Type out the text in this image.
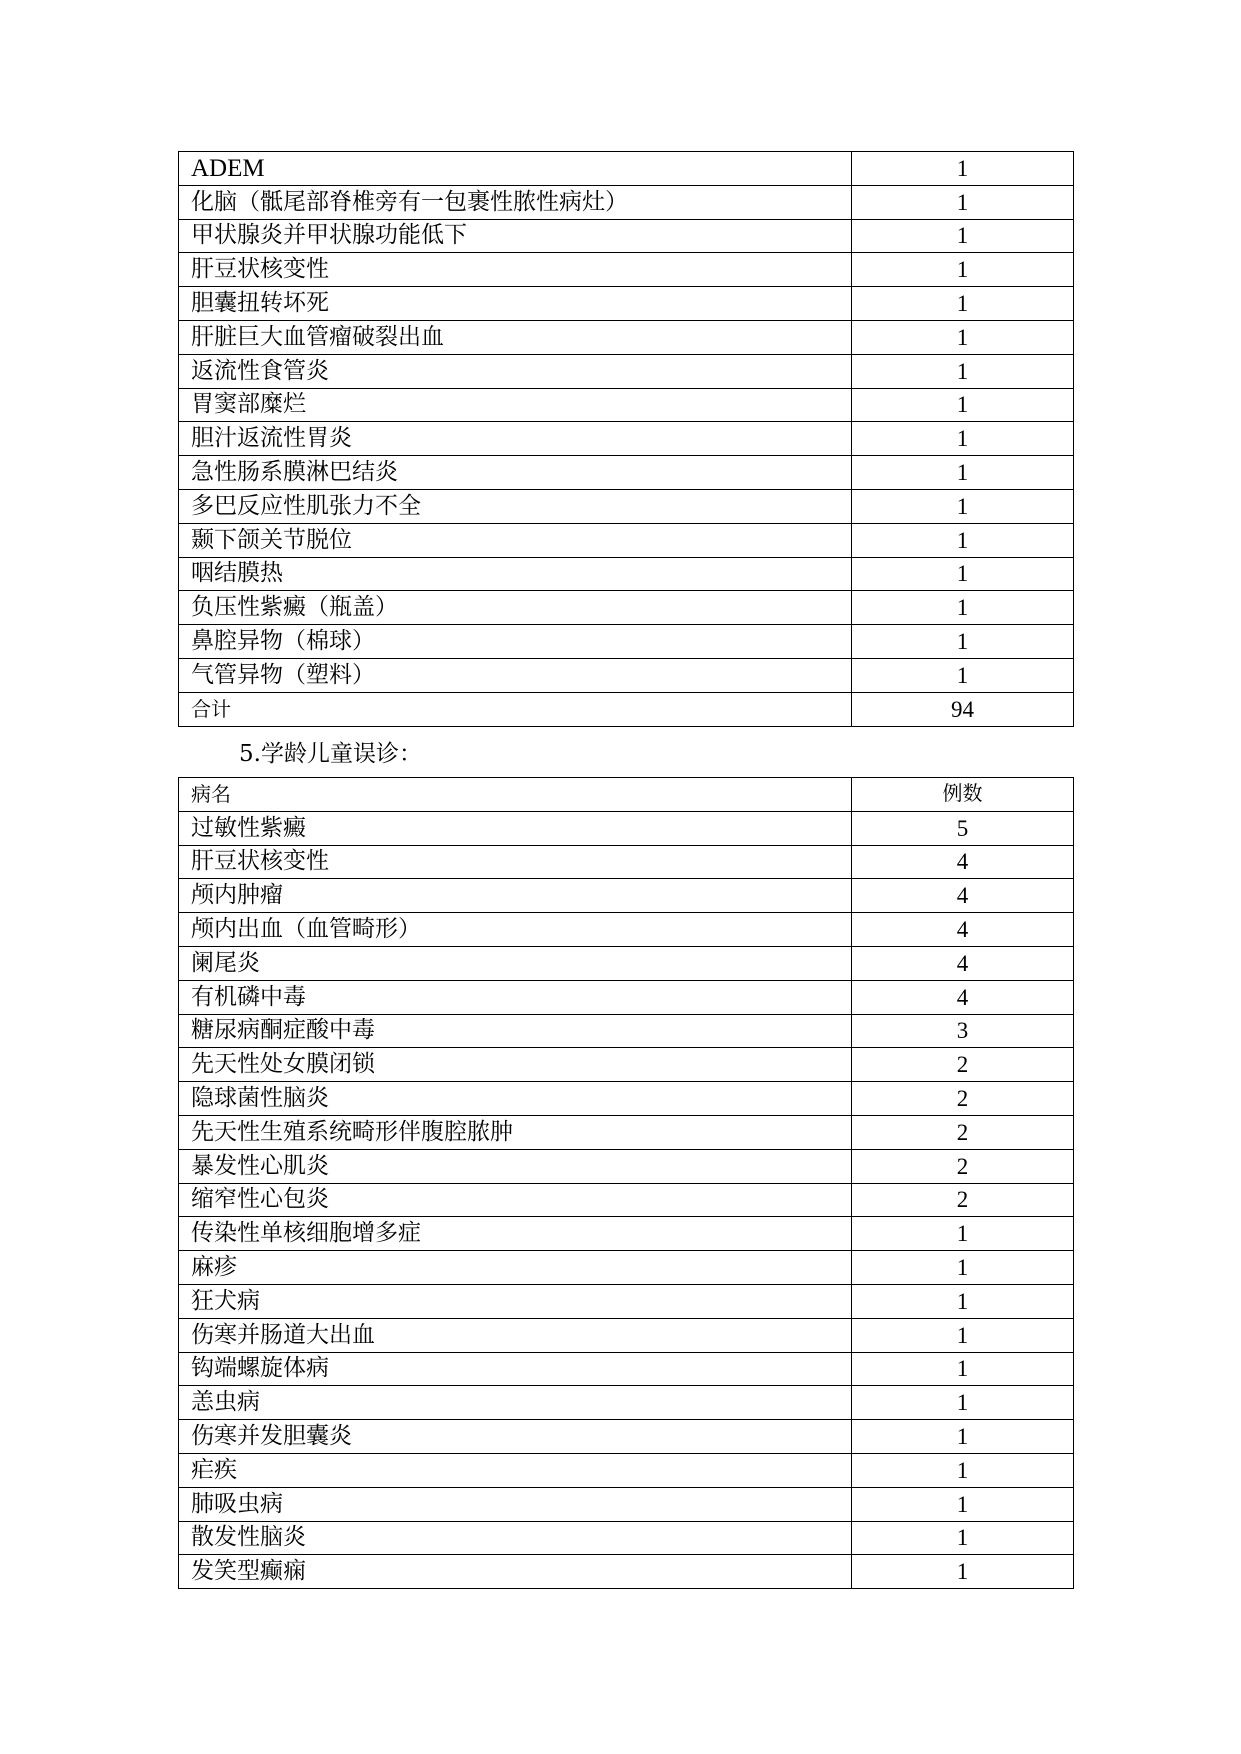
ADEM	1
化脑（骶尾部脊椎旁有一包裹性脓性病灶）	1
甲状腺炎并甲状腺功能低下	1
肝豆状核变性	1
胆囊扭转坏死	1
肝脏巨大血管瘤破裂出血	1
返流性食管炎	1
胃窦部糜烂	1
胆汁返流性胃炎	1
急性肠系膜淋巴结炎	1
多巴反应性肌张力不全	1
颞下颌关节脱位	1
咽结膜热	1
负压性紫癜（瓶盖）	1
鼻腔异物（棉球）	1
气管异物（塑料）	1
合计	94

5.学龄儿童误诊：

病名	例数
过敏性紫癜	5
肝豆状核变性	4
颅内肿瘤	4
颅内出血（血管畸形）	4
阑尾炎	4
有机磷中毒	4
糖尿病酮症酸中毒	3
先天性处女膜闭锁	2
隐球菌性脑炎	2
先天性生殖系统畸形伴腹腔脓肿	2
暴发性心肌炎	2
缩窄性心包炎	2
传染性单核细胞增多症	1
麻疹	1
狂犬病	1
伤寒并肠道大出血	1
钩端螺旋体病	1
恙虫病	1
伤寒并发胆囊炎	1
疟疾	1
肺吸虫病	1
散发性脑炎	1
发笑型癫痫	1
